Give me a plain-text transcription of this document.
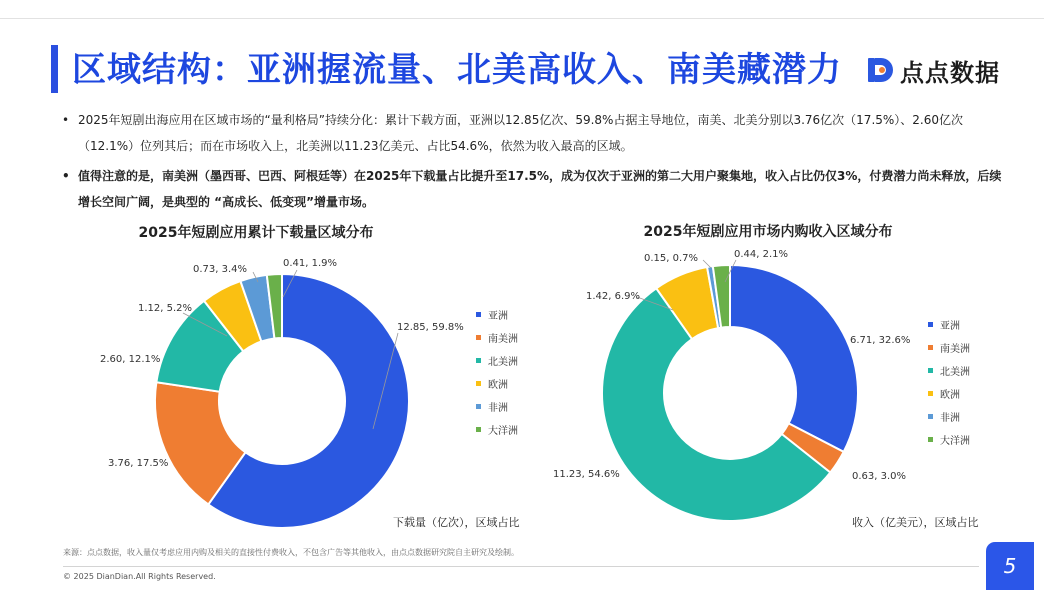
区域结构：亚洲握流量、北美高收入、南美藏潜力 点点数据
• 2025年短剧出海应用在区域市场的“量利格局”持续分化：累计下载方面，亚洲以12.85亿次、59.8%占据主导地位，南美、北美分别以3.76亿次（17.5%）、2.60亿次（12.1%）位列其后；而在市场收入上，北美洲以11.23亿美元、占比54.6%，依然为收入最高的区域。
• 值得注意的是，南美洲（墨西哥、巴西、阿根廷等）在2025年下载量占比提升至17.5%，成为仅次于亚洲的第二大用户聚集地，收入占比仍仅3%，付费潜力尚未释放，后续增长空间广阔，是典型的 “高成长、低变现”增量市场。
2025年短剧应用累计下载量区域分布	2025年短剧应用市场内购收入区域分布
12.85, 59.8%
3.76, 17.5%
2.60, 12.1%
1.12, 5.2%
0.73, 3.4%
0.41, 1.9%
6.71, 32.6%
0.63, 3.0%
11.23, 54.6%
1.42, 6.9%
0.15, 0.7%	0.44, 2.1%
亚洲
南美洲
北美洲
欧洲
非洲
大洋洲
亚洲
南美洲
北美洲
欧洲
非洲
大洋洲
下载量（亿次），区域占比	收入（亿美元），区域占比
来源：点点数据，收入量仅考虑应用内购及相关的直接性付费收入，不包含广告等其他收入，由点点数据研究院自主研究及绘制。
© 2025 DianDian.All Rights Reserved.	5
